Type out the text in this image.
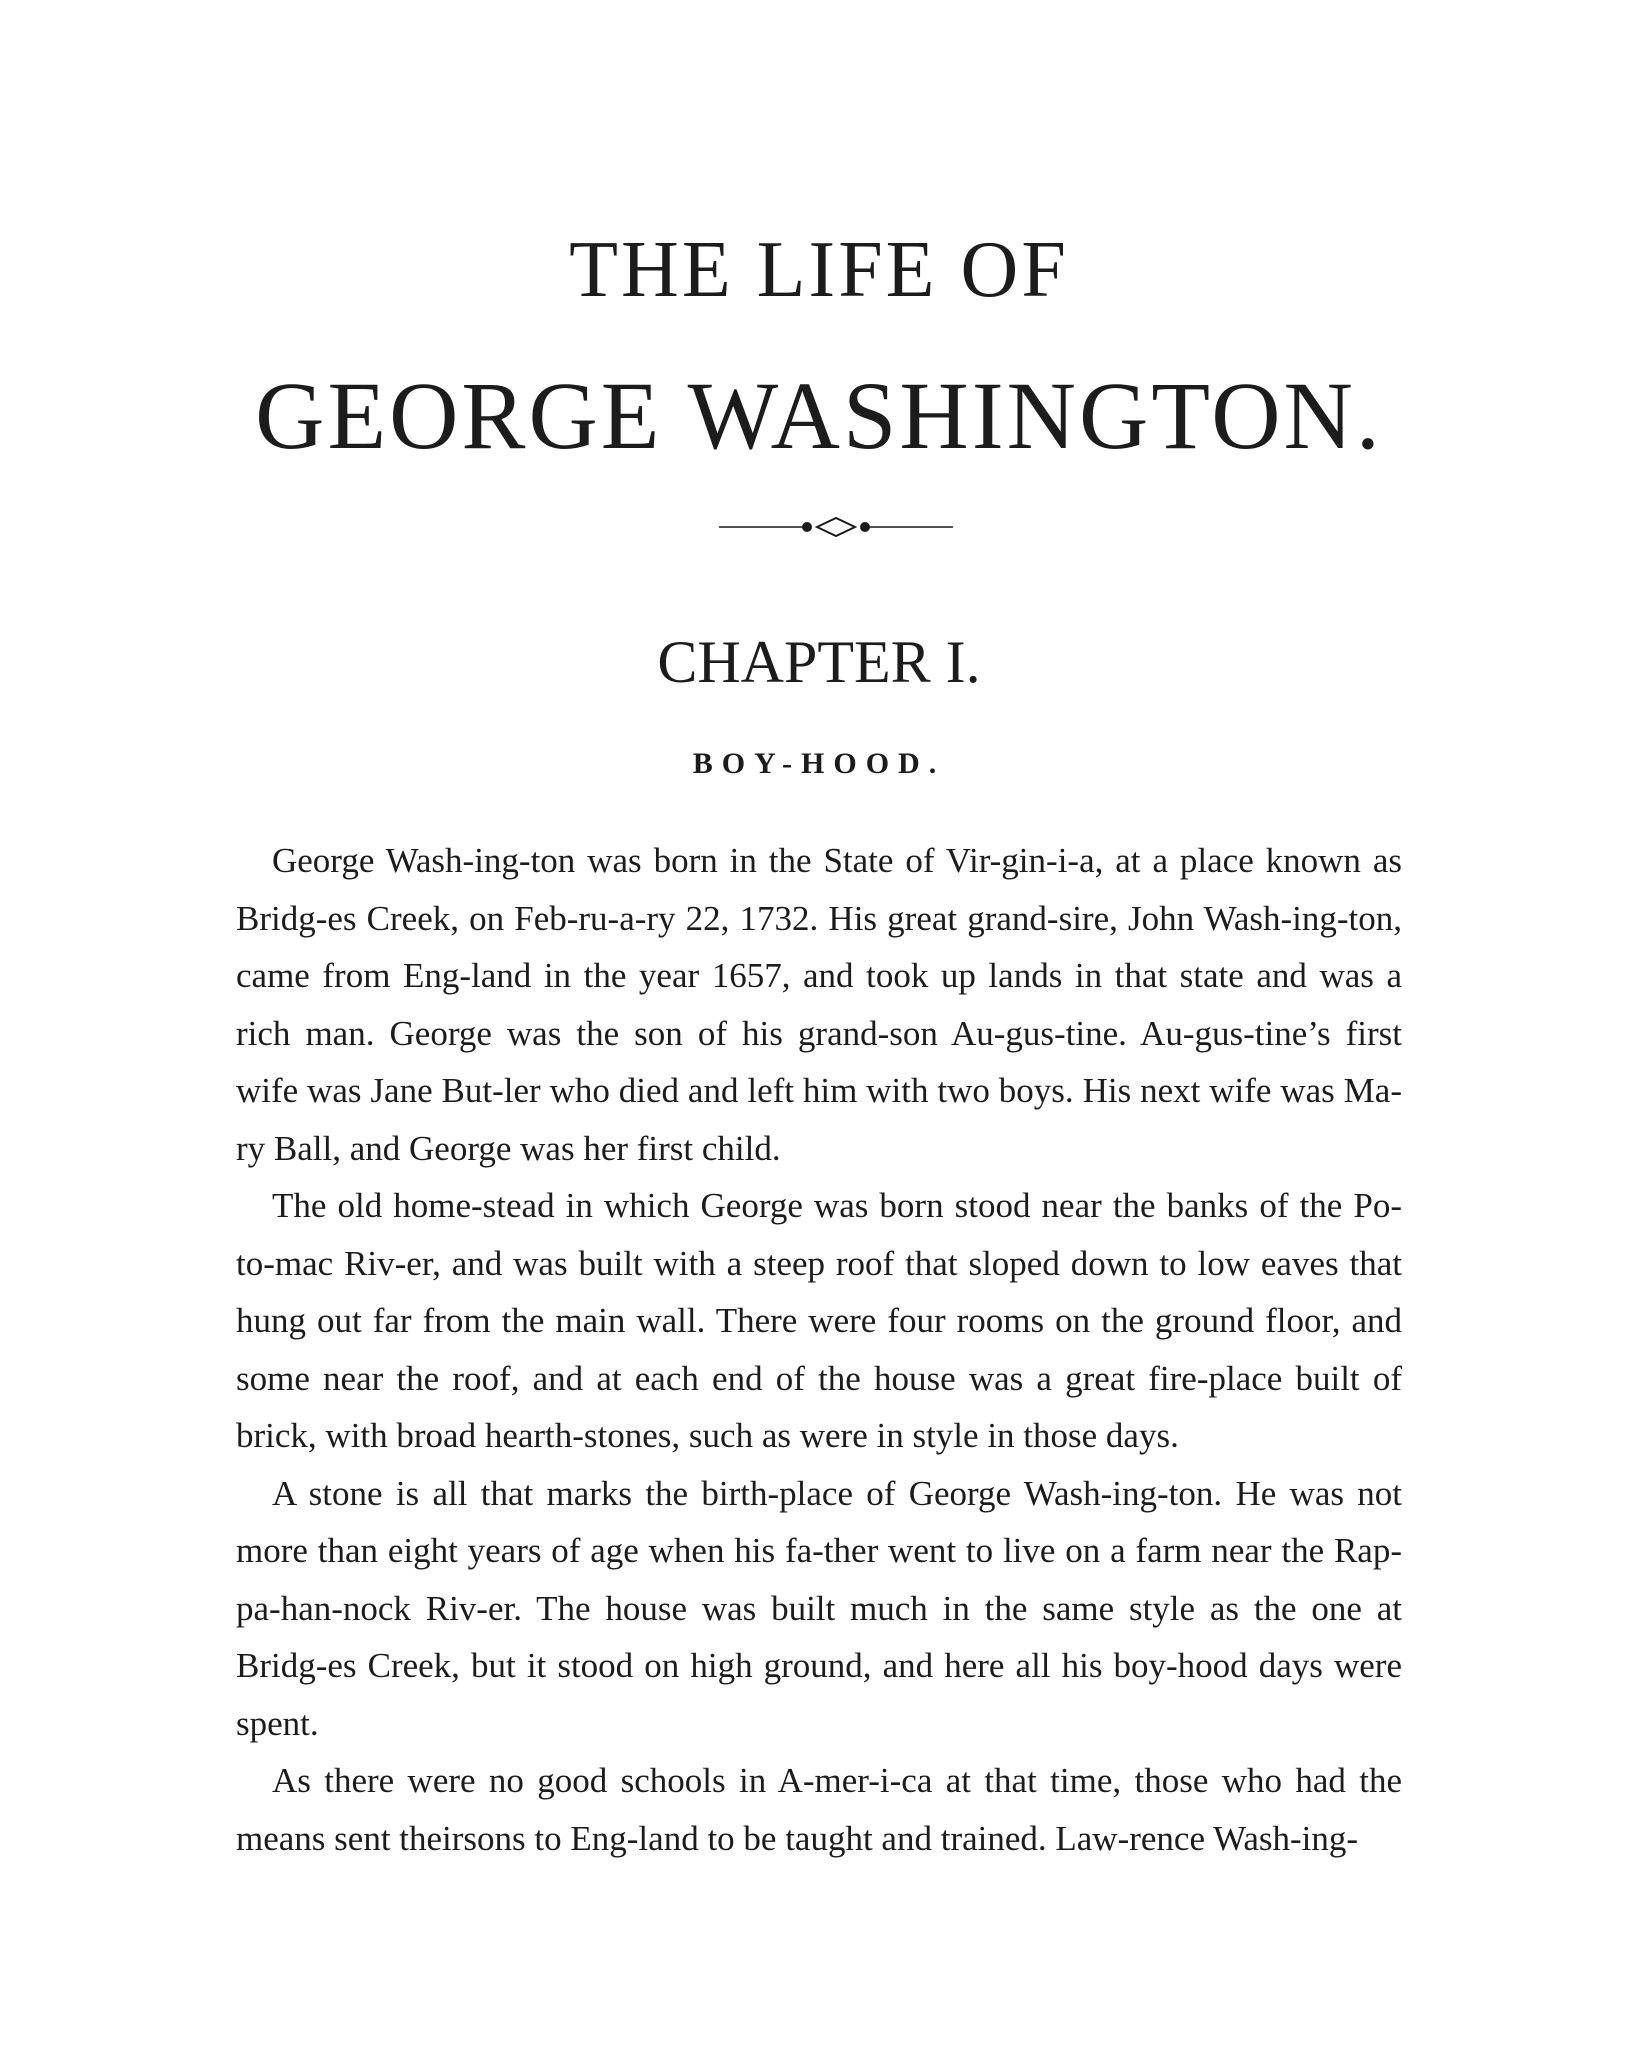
THE LIFE OF
GEORGE WASHINGTON.
CHAPTER I.
BOY-HOOD.

George Wash-ing-ton was born in the State of Vir-gin-i-a, at a place known as Bridg-es Creek, on Feb-ru-a-ry 22, 1732. His great grand-sire, John Wash-ing-ton, came from Eng-land in the year 1657, and took up lands in that state and was a rich man. George was the son of his grand-son Au-gus-tine. Au-gus-tine’s first wife was Jane But-ler who died and left him with two boys. His next wife was Ma-ry Ball, and George was her first child.

The old home-stead in which George was born stood near the banks of the Po-to-mac Riv-er, and was built with a steep roof that sloped down to low eaves that hung out far from the main wall. There were four rooms on the ground floor, and some near the roof, and at each end of the house was a great fire-place built of brick, with broad hearth-stones, such as were in style in those days.

A stone is all that marks the birth-place of George Wash-ing-ton. He was not more than eight years of age when his fa-ther went to live on a farm near the Rap-pa-han-nock Riv-er. The house was built much in the same style as the one at Bridg-es Creek, but it stood on high ground, and here all his boy-hood days were spent.

As there were no good schools in A-mer-i-ca at that time, those who had the means sent theirsons to Eng-land to be taught and trained. Law-rence Wash-ing-
